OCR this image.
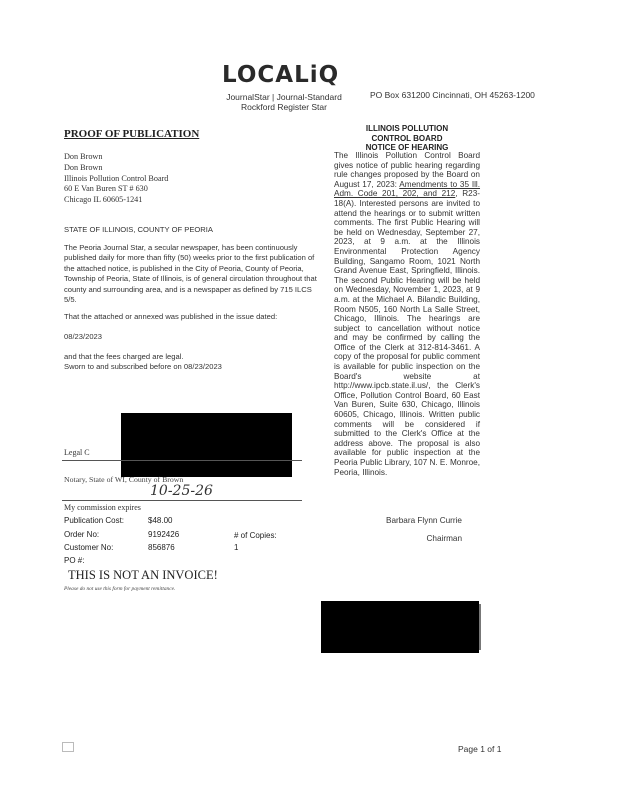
LOCALiQ
JournalStar | Journal-Standard
Rockford Register Star
PO Box 631200 Cincinnati, OH 45263-1200
PROOF OF PUBLICATION
Don Brown
Don Brown
Illinois Pollution Control Board
60 E Van Buren ST # 630
Chicago IL 60605-1241
STATE OF ILLINOIS, COUNTY OF PEORIA
The Peoria Journal Star, a secular newspaper, has been continuously published daily for more than fifty (50) weeks prior to the first publication of the attached notice, is published in the City of Peoria, County of Peoria, Township of Peoria, State of Illinois, is of general circulation throughout that county and surrounding area, and is a newspaper as defined by 715 ILCS 5/5.
That the attached or annexed was published in the issue dated:
08/23/2023
and that the fees charged are legal.
Sworn to and subscribed before on 08/23/2023
Legal C
Notary, State of WI, County of Brown
10-25-26
My commission expires
Publication Cost:	$48.00
Order No:	9192426	# of Copies:
Customer No:	856876	1
PO #:
THIS IS NOT AN INVOICE!
Please do not use this form for payment remittance.
ILLINOIS POLLUTION
CONTROL BOARD
NOTICE OF HEARING
The Illinois Pollution Control Board gives notice of public hearing regarding rule changes proposed by the Board on August 17, 2023: Amendments to 35 Ill. Adm. Code 201, 202, and 212, R23-18(A). Interested persons are invited to attend the hearings or to submit written comments. The first Public Hearing will be held on Wednesday, September 27, 2023, at 9 a.m. at the Illinois Environmental Protection Agency Building, Sangamo Room, 1021 North Grand Avenue East, Springfield, Illinois. The second Public Hearing will be held on Wednesday, November 1, 2023, at 9 a.m. at the Michael A. Bilandic Building, Room N505, 160 North La Salle Street, Chicago, Illinois. The hearings are subject to cancellation without notice and may be confirmed by calling the Office of the Clerk at 312-814-3461. A copy of the proposal for public comment is available for public inspection on the Board's website at http://www.ipcb.state.il.us/, the Clerk's Office, Pollution Control Board, 60 East Van Buren, Suite 630, Chicago, Illinois 60605, Chicago, Illinois. Written public comments will be considered if submitted to the Clerk's Office at the address above. The proposal is also available for public inspection at the Peoria Public Library, 107 N. E. Monroe, Peoria, Illinois.
Barbara Flynn Currie
Chairman
Page 1 of 1
